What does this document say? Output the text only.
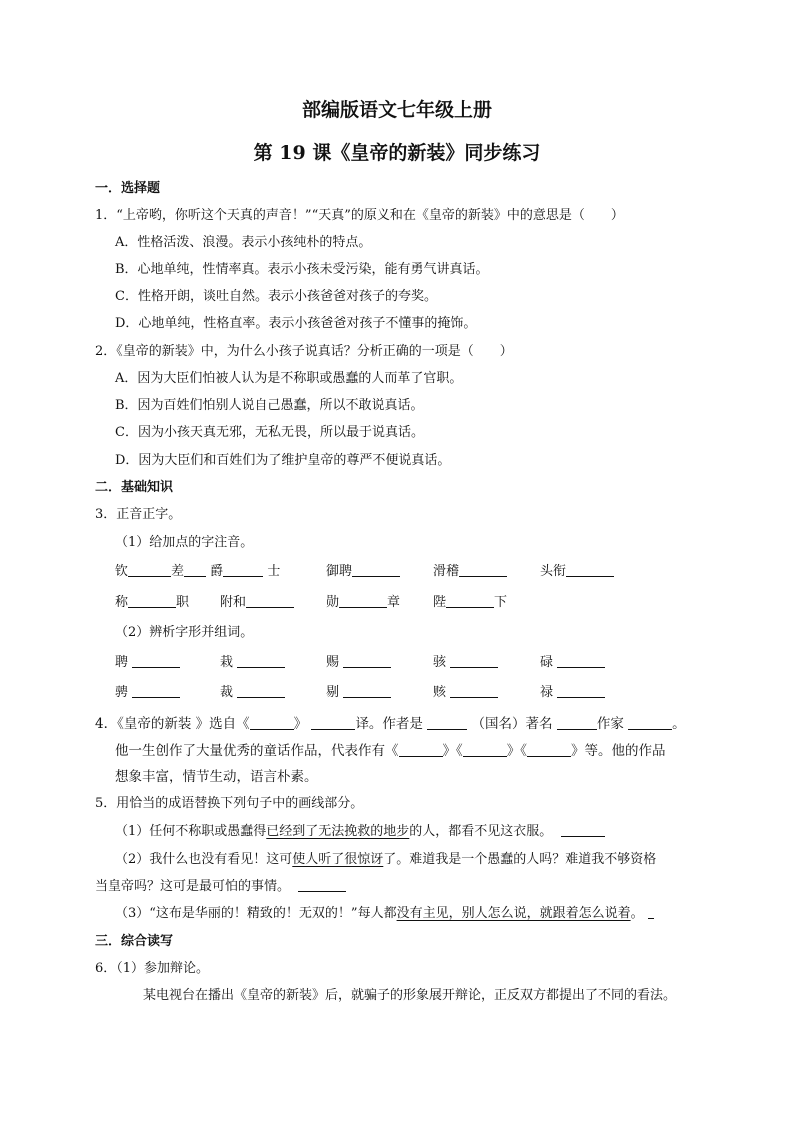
部编版语文七年级上册
第 19 课《皇帝的新装》同步练习
一．选择题
1．“上帝哟，你听这个天真的声音！”“天真”的原义和在《皇帝的新装》中的意思是（　　）
A．性格活泼、浪漫。表示小孩纯朴的特点。
B．心地单纯，性情率真。表示小孩未受污染，能有勇气讲真话。
C．性格开朗，谈吐自然。表示小孩爸爸对孩子的夸奖。
D．心地单纯，性格直率。表示小孩爸爸对孩子不懂事的掩饰。
2．《皇帝的新装》中，为什么小孩子说真话？分析正确的一项是（　　）
A．因为大臣们怕被人认为是不称职或愚蠢的人而革了官职。
B．因为百姓们怕别人说自己愚蠢，所以不敢说真话。
C．因为小孩天真无邪，无私无畏，所以最于说真话。
D．因为大臣们和百姓们为了维护皇帝的尊严不便说真话。
二．基础知识
3．正音正字。
（1）给加点的字注音。
钦	差 爵	士	御聘	滑稽	头衔
称	职 附和	勋	章	陛	下
（2）辨析字形并组词。
聘	栽	赐	骇	碌
骋	裁	剔	赅	禄
4．《皇帝的新装 》选自《	》	译。作者是	（国名）著名	作家	。
他一生创作了大量优秀的童话作品，代表作有《	》《	》《	》等。他的作品
想象丰富，情节生动，语言朴素。
5．用恰当的成语替换下列句子中的画线部分。
（1）任何不称职或愚蠢得已经到了无法挽救的地步的人，都看不见这衣服。
（2）我什么也没有看见！这可使人听了很惊讶了。难道我是一个愚蠢的人吗？难道我不够资格
当皇帝吗？这可是最可怕的事情。
（3）“这布是华丽的！精致的！无双的！”每人都没有主见，别人怎么说，就跟着怎么说着。
三．综合读写
6．（1）参加辩论。
某电视台在播出《皇帝的新装》后，就骗子的形象展开辩论，正反双方都提出了不同的看法。
